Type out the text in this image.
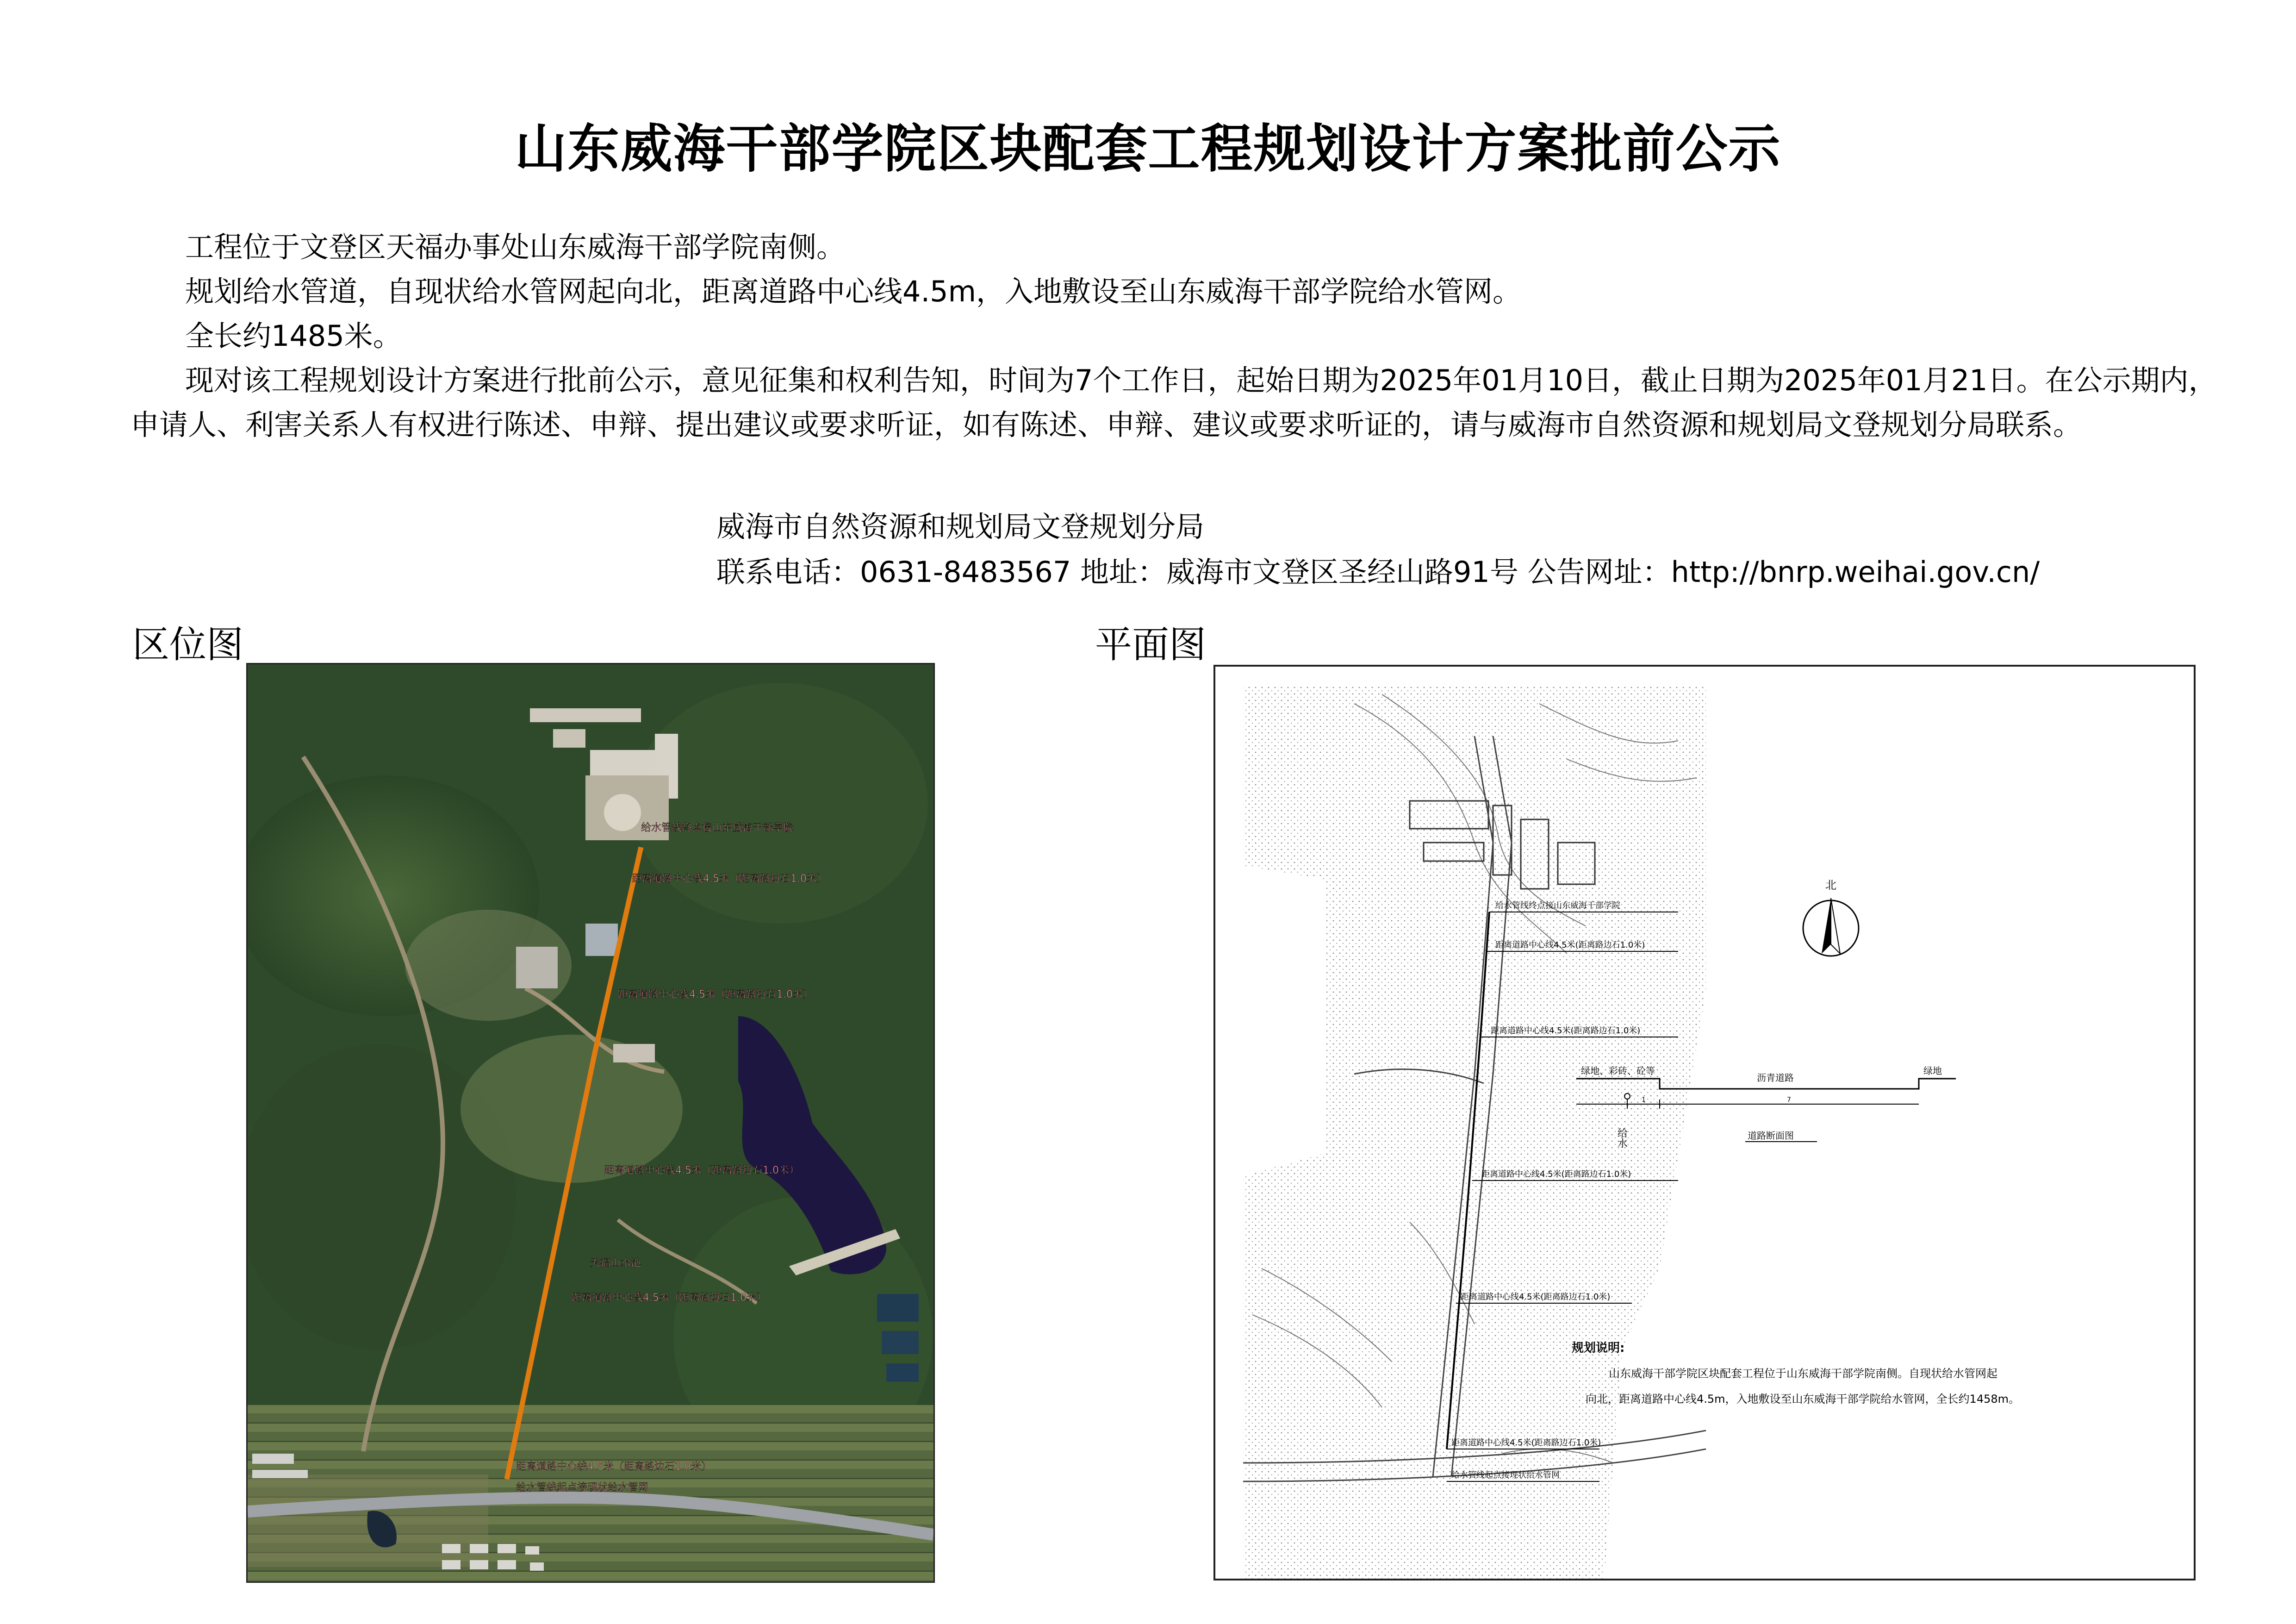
山东威海干部学院区块配套工程规划设计方案批前公示
工程位于文登区天福办事处山东威海干部学院南侧。
规划给水管道，自现状给水管网起向北，距离道路中心线4.5m，入地敷设至山东威海干部学院给水管网。
全长约1485米。
现对该工程规划设计方案进行批前公示，意见征集和权利告知，时间为7个工作日，起始日期为2025年01月10日，截止日期为2025年01月21日。在公示期内，申请人、利害关系人有权进行陈述、申辩、提出建议或要求听证，如有陈述、申辩、建议或要求听证的，请与威海市自然资源和规划局文登规划分局联系。
威海市自然资源和规划局文登规划分局
联系电话：0631-8483567 地址：威海市文登区圣经山路91号 公告网址：http://bnrp.weihai.gov.cn/
区位图	平面图
给水管线终点接山东威海干部学院
距离道路中心线4.5米（距离路边石1.0米）
距离道路中心线4.5米（距离路边石1.0米）
距离道路中心线4.5米（距离路边石1.0米）
天福山水池
距离道路中心线4.5米（距离路边石1.0米）
距离道路中心线4.5米（距离路边石1.0米）
给水管线起点接现状给水管网
给水管线终点接山东威海干部学院
距离道路中心线4.5米(距离路边石1.0米)
距离道路中心线4.5米(距离路边石1.0米)
距离道路中心线4.5米(距离路边石1.0米)
距离道路中心线4.5米(距离路边石1.0米)
距离道路中心线4.5米(距离路边石1.0米)
给水管线起点接现状给水管网
北
绿地、彩砖、砼等
沥青道路
绿地
1	7
给水	道路断面图
规划说明:
山东威海干部学院区块配套工程位于山东威海干部学院南侧。自现状给水管网起
向北，距离道路中心线4.5m，入地敷设至山东威海干部学院给水管网，全长约1458m。
